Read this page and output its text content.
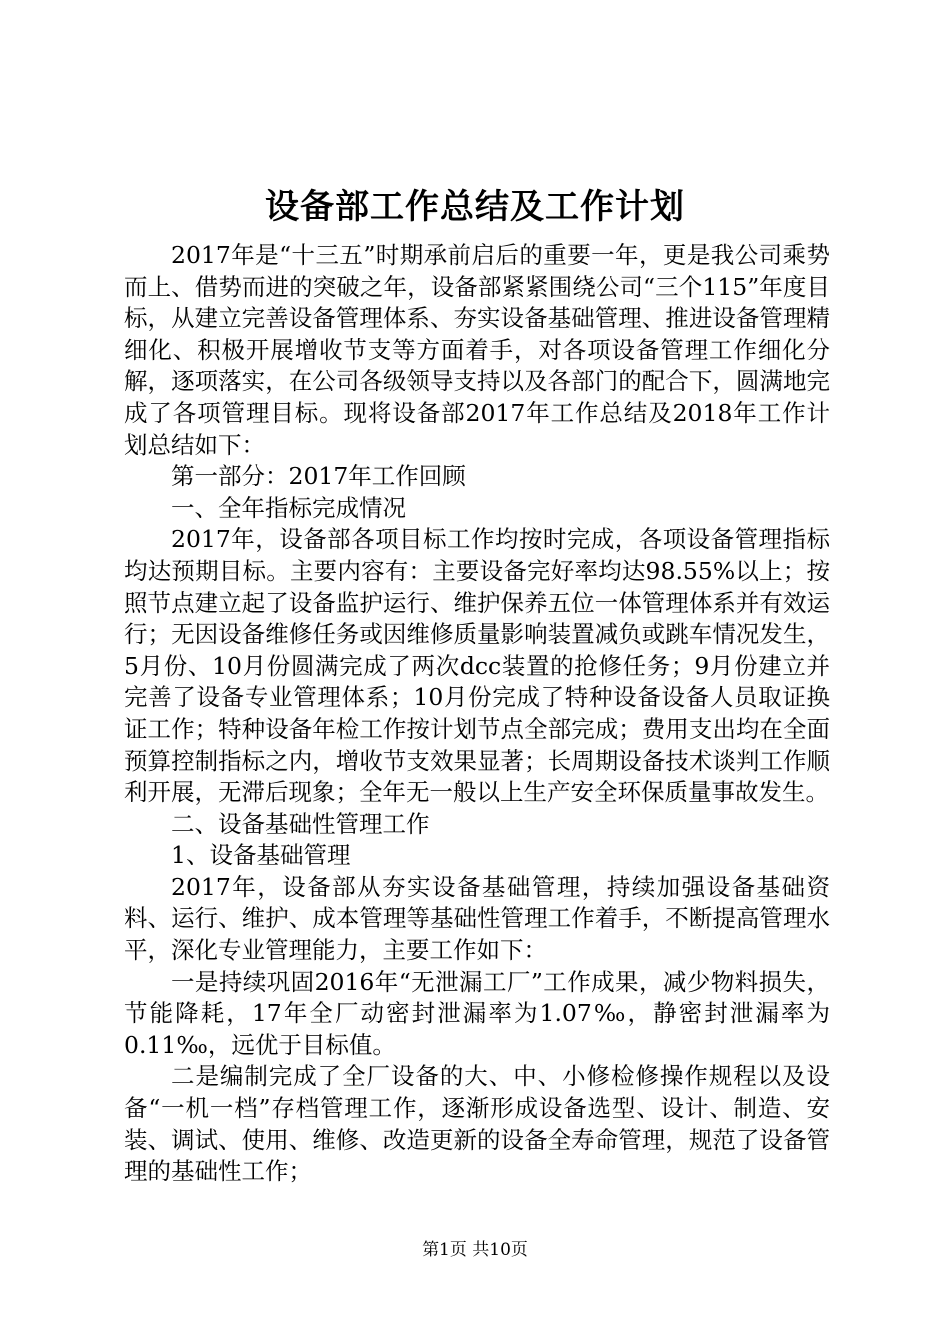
设备部工作总结及工作计划

2017年是“十三五”时期承前启后的重要一年，更是我公司乘势而上、借势而进的突破之年，设备部紧紧围绕公司“三个115”年度目标，从建立完善设备管理体系、夯实设备基础管理、推进设备管理精细化、积极开展增收节支等方面着手，对各项设备管理工作细化分解，逐项落实，在公司各级领导支持以及各部门的配合下，圆满地完成了各项管理目标。现将设备部2017年工作总结及2018年工作计划总结如下：

第一部分：2017年工作回顾

一、全年指标完成情况

2017年，设备部各项目标工作均按时完成，各项设备管理指标均达预期目标。主要内容有：主要设备完好率均达98.55%以上；按照节点建立起了设备监护运行、维护保养五位一体管理体系并有效运行；无因设备维修任务或因维修质量影响装置减负或跳车情况发生，5月份、10月份圆满完成了两次dcc装置的抢修任务；9月份建立并完善了设备专业管理体系；10月份完成了特种设备设备人员取证换证工作；特种设备年检工作按计划节点全部完成；费用支出均在全面预算控制指标之内，增收节支效果显著；长周期设备技术谈判工作顺利开展，无滞后现象；全年无一般以上生产安全环保质量事故发生。

二、设备基础性管理工作

1、设备基础管理

2017年，设备部从夯实设备基础管理，持续加强设备基础资料、运行、维护、成本管理等基础性管理工作着手，不断提高管理水平，深化专业管理能力，主要工作如下：

一是持续巩固2016年“无泄漏工厂”工作成果，减少物料损失，节能降耗，17年全厂动密封泄漏率为1.07‰，静密封泄漏率为0.11‰，远优于目标值。

二是编制完成了全厂设备的大、中、小修检修操作规程以及设备“一机一档”存档管理工作，逐渐形成设备选型、设计、制造、安装、调试、使用、维修、改造更新的设备全寿命管理，规范了设备管理的基础性工作；

第1页 共10页
